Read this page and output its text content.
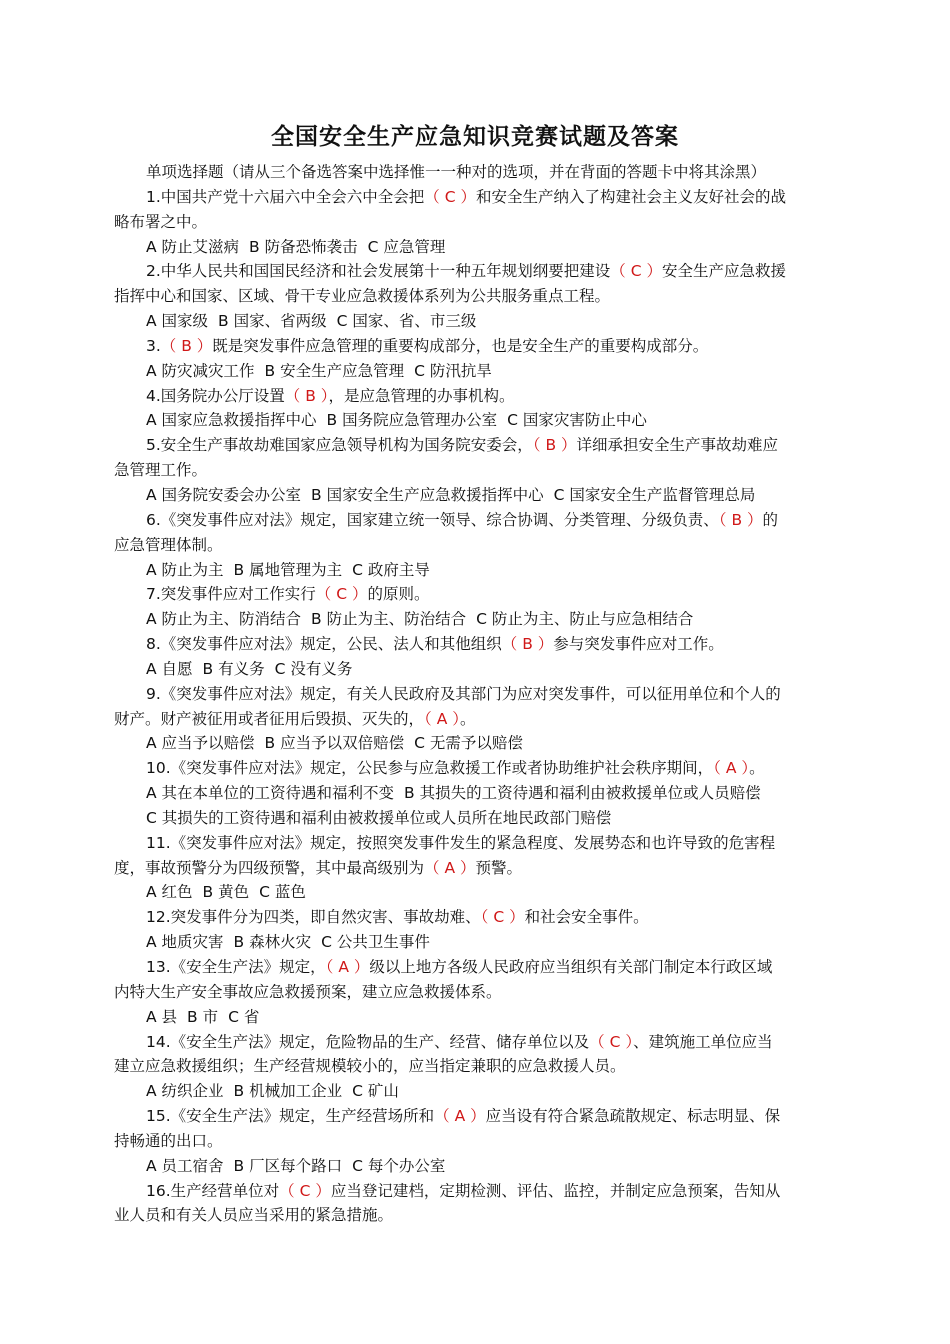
全国安全生产应急知识竞赛试题及答案
单项选择题（请从三个备选答案中选择惟一一种对的选项，并在背面的答题卡中将其涂黑）
1.中国共产党十六届六中全会六中全会把（ C ）和安全生产纳入了构建社会主义友好社会的战
略布署之中。
A 防止艾滋病 B 防备恐怖袭击 C 应急管理
2.中华人民共和国国民经济和社会发展第十一种五年规划纲要把建设（ C ）安全生产应急救援
指挥中心和国家、区域、骨干专业应急救援体系列为公共服务重点工程。
A 国家级 B 国家、省两级 C 国家、省、市三级
3.（ B ）既是突发事件应急管理的重要构成部分，也是安全生产的重要构成部分。
A 防灾减灾工作 B 安全生产应急管理 C 防汛抗旱
4.国务院办公厅设置（ B ），是应急管理的办事机构。
A 国家应急救援指挥中心 B 国务院应急管理办公室 C 国家灾害防止中心
5.安全生产事故劫难国家应急领导机构为国务院安委会，（ B ）详细承担安全生产事故劫难应
急管理工作。
A 国务院安委会办公室 B 国家安全生产应急救援指挥中心 C 国家安全生产监督管理总局
6.《突发事件应对法》规定，国家建立统一领导、综合协调、分类管理、分级负责、（ B ）的
应急管理体制。
A 防止为主 B 属地管理为主 C 政府主导
7.突发事件应对工作实行（ C ）的原则。
A 防止为主、防消结合 B 防止为主、防治结合 C 防止为主、防止与应急相结合
8.《突发事件应对法》规定，公民、法人和其他组织（ B ）参与突发事件应对工作。
A 自愿 B 有义务 C 没有义务
9.《突发事件应对法》规定，有关人民政府及其部门为应对突发事件，可以征用单位和个人的
财产。财产被征用或者征用后毁损、灭失的，（ A ）。
A 应当予以赔偿 B 应当予以双倍赔偿 C 无需予以赔偿
10.《突发事件应对法》规定，公民参与应急救援工作或者协助维护社会秩序期间，（ A ）。
A 其在本单位的工资待遇和福利不变 B 其损失的工资待遇和福利由被救援单位或人员赔偿
C 其损失的工资待遇和福利由被救援单位或人员所在地民政部门赔偿
11.《突发事件应对法》规定，按照突发事件发生的紧急程度、发展势态和也许导致的危害程
度，事故预警分为四级预警，其中最高级别为（ A ）预警。
A 红色 B 黄色 C 蓝色
12.突发事件分为四类，即自然灾害、事故劫难、（ C ）和社会安全事件。
A 地质灾害 B 森林火灾 C 公共卫生事件
13.《安全生产法》规定，（ A ）级以上地方各级人民政府应当组织有关部门制定本行政区域
内特大生产安全事故应急救援预案，建立应急救援体系。
A 县 B 市 C 省
14.《安全生产法》规定，危险物品的生产、经营、储存单位以及（ C ）、建筑施工单位应当
建立应急救援组织；生产经营规模较小的，应当指定兼职的应急救援人员。
A 纺织企业 B 机械加工企业 C 矿山
15.《安全生产法》规定，生产经营场所和（ A ）应当设有符合紧急疏散规定、标志明显、保
持畅通的出口。
A 员工宿舍 B 厂区每个路口 C 每个办公室
16.生产经营单位对（ C ）应当登记建档，定期检测、评估、监控，并制定应急预案，告知从
业人员和有关人员应当采用的紧急措施。
